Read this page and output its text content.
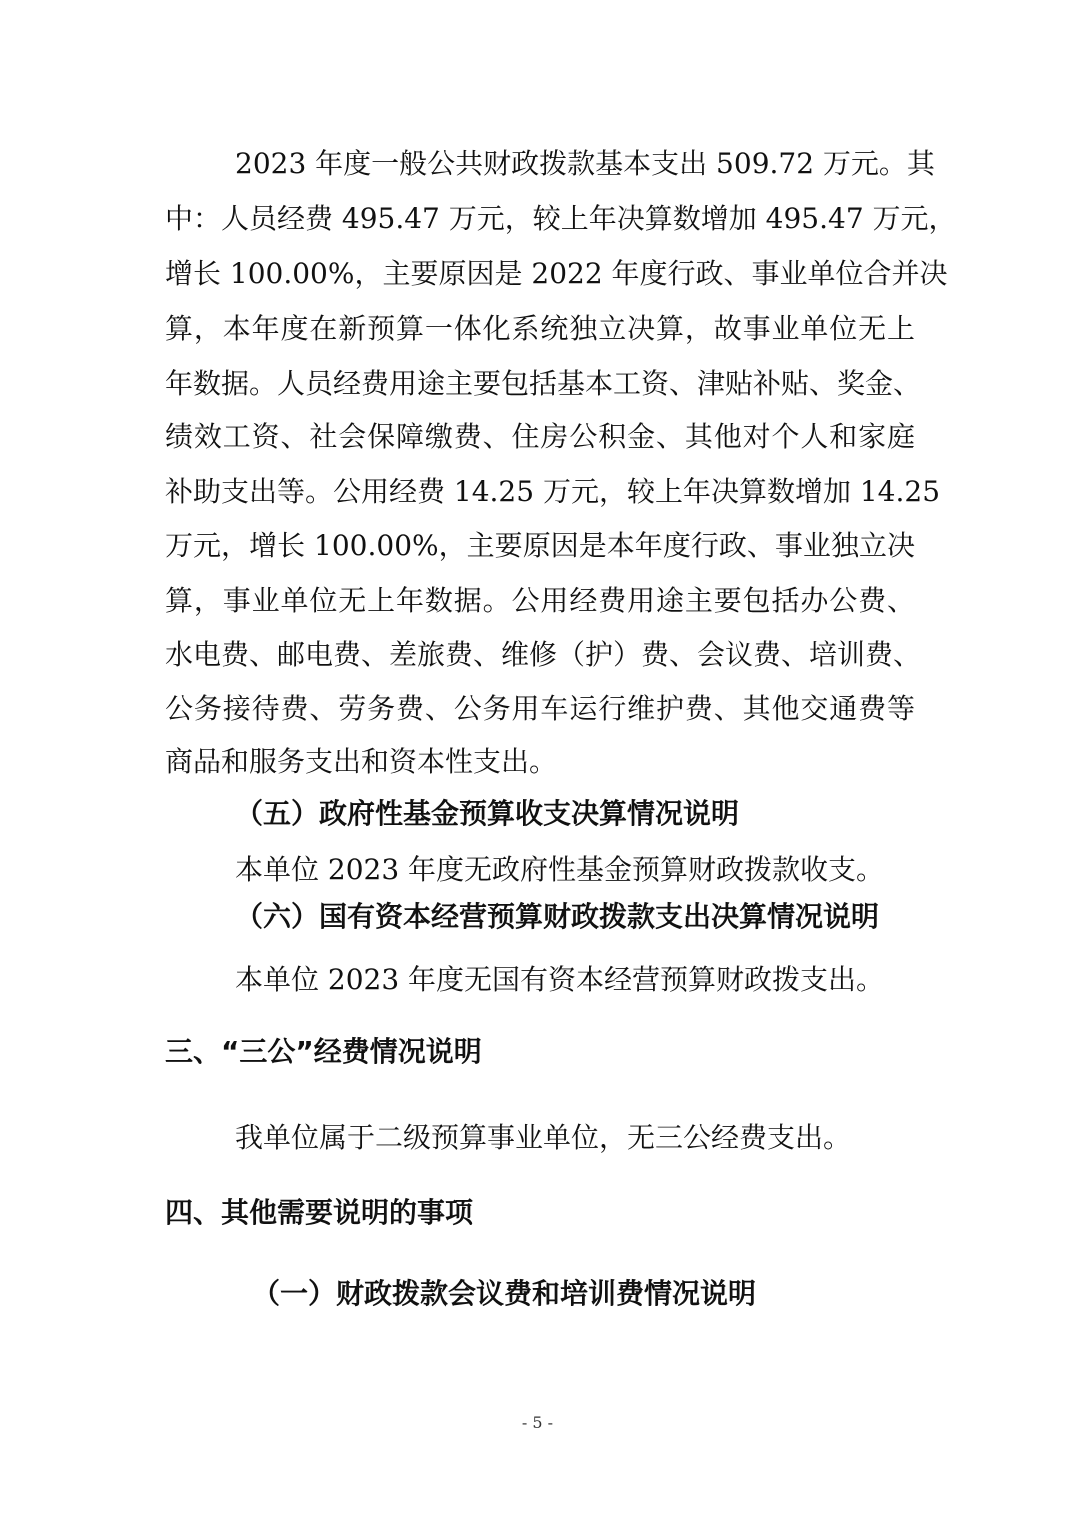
2023 年度一般公共财政拨款基本支出 509.72 万元。其
中：人员经费 495.47 万元，较上年决算数增加 495.47 万元，
增长 100.00%，主要原因是 2022 年度行政、事业单位合并决
算，本年度在新预算一体化系统独立决算，故事业单位无上
年数据。人员经费用途主要包括基本工资、津贴补贴、奖金、
绩效工资、社会保障缴费、住房公积金、其他对个人和家庭
补助支出等。公用经费 14.25 万元，较上年决算数增加 14.25
万元，增长 100.00%，主要原因是本年度行政、事业独立决
算，事业单位无上年数据。公用经费用途主要包括办公费、
水电费、邮电费、差旅费、维修（护）费、会议费、培训费、
公务接待费、劳务费、公务用车运行维护费、其他交通费等
商品和服务支出和资本性支出。
（五）政府性基金预算收支决算情况说明
本单位 2023 年度无政府性基金预算财政拨款收支。
（六）国有资本经营预算财政拨款支出决算情况说明
本单位 2023 年度无国有资本经营预算财政拨支出。
三、“三公”经费情况说明
我单位属于二级预算事业单位，无三公经费支出。
四、其他需要说明的事项
（一）财政拨款会议费和培训费情况说明
- 5 -
